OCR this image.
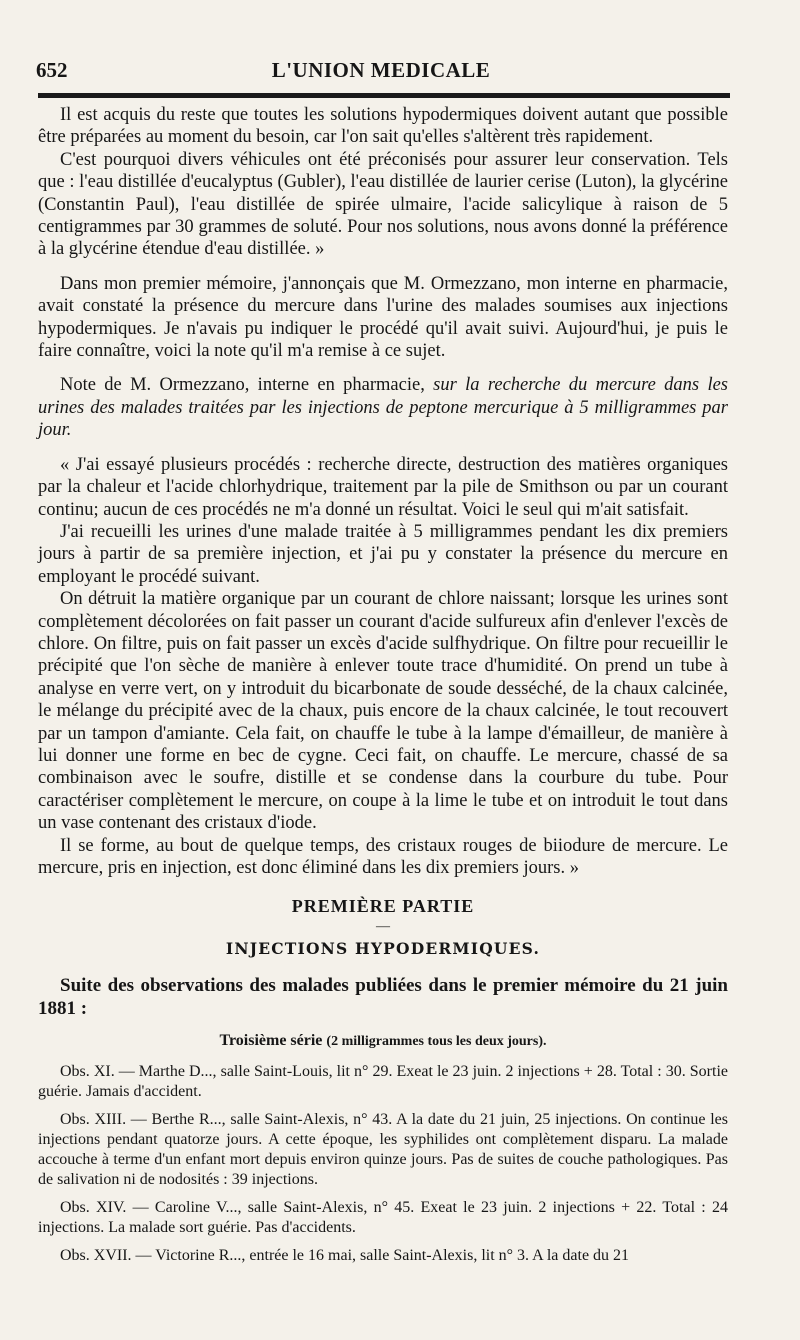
652	L'UNION MEDICALE

Il est acquis du reste que toutes les solutions hypodermiques doivent autant que possible être préparées au moment du besoin, car l'on sait qu'elles s'altèrent très rapidement.

C'est pourquoi divers véhicules ont été préconisés pour assurer leur conservation. Tels que : l'eau distillée d'eucalyptus (Gubler), l'eau distillée de laurier cerise (Luton), la glycérine (Constantin Paul), l'eau distillée de spirée ulmaire, l'acide salicylique à raison de 5 centigrammes par 30 grammes de soluté. Pour nos solutions, nous avons donné la préférence à la glycérine étendue d'eau distillée. »

Dans mon premier mémoire, j'annonçais que M. Ormezzano, mon interne en pharmacie, avait constaté la présence du mercure dans l'urine des malades soumises aux injections hypodermiques. Je n'avais pu indiquer le procédé qu'il avait suivi. Aujourd'hui, je puis le faire connaître, voici la note qu'il m'a remise à ce sujet.

Note de M. Ormezzano, interne en pharmacie, sur la recherche du mercure dans les urines des malades traitées par les injections de peptone mercurique à 5 milligrammes par jour.

« J'ai essayé plusieurs procédés : recherche directe, destruction des matières organiques par la chaleur et l'acide chlorhydrique, traitement par la pile de Smithson ou par un courant continu; aucun de ces procédés ne m'a donné un résultat. Voici le seul qui m'ait satisfait.

J'ai recueilli les urines d'une malade traitée à 5 milligrammes pendant les dix premiers jours à partir de sa première injection, et j'ai pu y constater la présence du mercure en employant le procédé suivant.

On détruit la matière organique par un courant de chlore naissant; lorsque les urines sont complètement décolorées on fait passer un courant d'acide sulfureux afin d'enlever l'excès de chlore. On filtre, puis on fait passer un excès d'acide sulfhydrique. On filtre pour recueillir le précipité que l'on sèche de manière à enlever toute trace d'humidité. On prend un tube à analyse en verre vert, on y introduit du bicarbonate de soude desséché, de la chaux calcinée, le mélange du précipité avec de la chaux, puis encore de la chaux calcinée, le tout recouvert par un tampon d'amiante. Cela fait, on chauffe le tube à la lampe d'émailleur, de manière à lui donner une forme en bec de cygne. Ceci fait, on chauffe. Le mercure, chassé de sa combinaison avec le soufre, distille et se condense dans la courbure du tube. Pour caractériser complètement le mercure, on coupe à la lime le tube et on introduit le tout dans un vase contenant des cristaux d'iode.

Il se forme, au bout de quelque temps, des cristaux rouges de biiodure de mercure. Le mercure, pris en injection, est donc éliminé dans les dix premiers jours. »

PREMIÈRE PARTIE
—
INJECTIONS HYPODERMIQUES.

Suite des observations des malades publiées dans le premier mémoire du 21 juin 1881 :

Troisième série (2 milligrammes tous les deux jours).

Obs. XI. — Marthe D..., salle Saint-Louis, lit n° 29. Exeat le 23 juin. 2 injections + 28. Total : 30. Sortie guérie. Jamais d'accident.

Obs. XIII. — Berthe R..., salle Saint-Alexis, n° 43. A la date du 21 juin, 25 injections. On continue les injections pendant quatorze jours. A cette époque, les syphilides ont complètement disparu. La malade accouche à terme d'un enfant mort depuis environ quinze jours. Pas de suites de couche pathologiques. Pas de salivation ni de nodosités : 39 injections.

Obs. XIV. — Caroline V..., salle Saint-Alexis, n° 45. Exeat le 23 juin. 2 injections + 22. Total : 24 injections. La malade sort guérie. Pas d'accidents.

Obs. XVII. — Victorine R..., entrée le 16 mai, salle Saint-Alexis, lit n° 3. A la date du 21
